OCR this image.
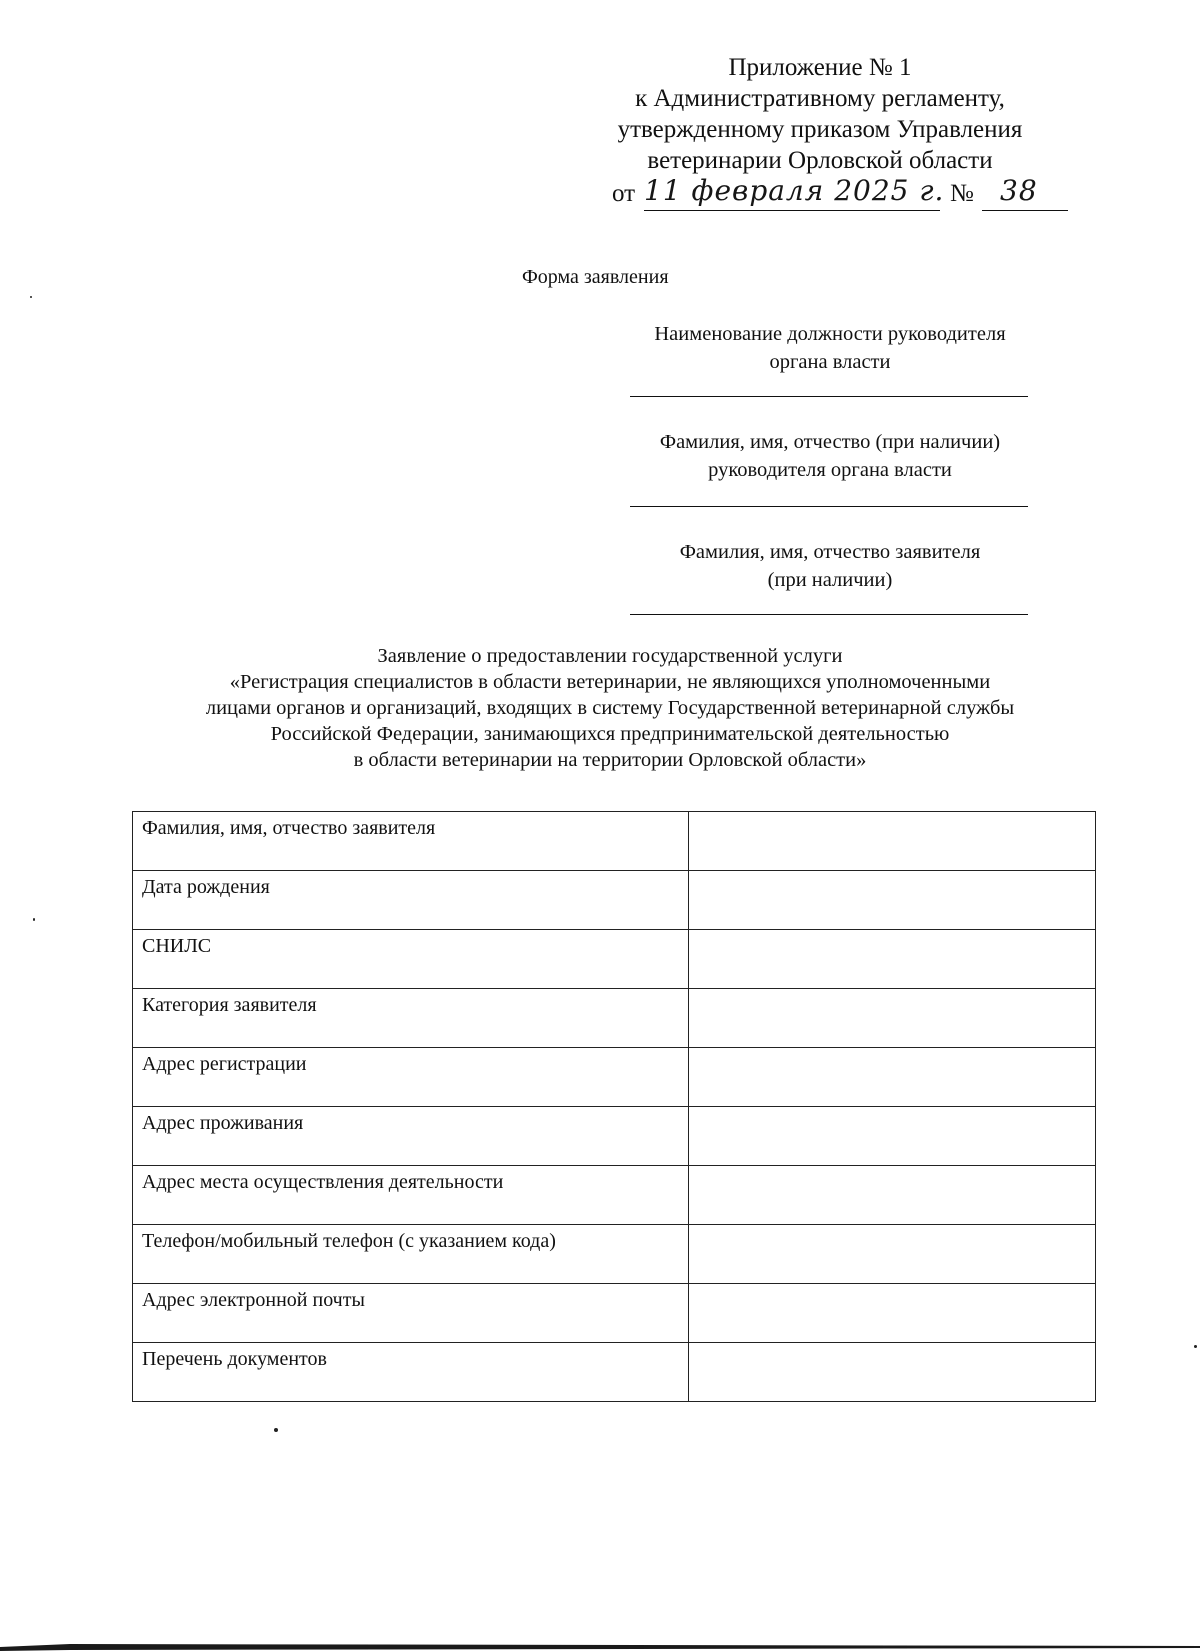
Приложение № 1
к Административному регламенту,
утвержденному приказом Управления
ветеринарии Орловской области
от 11 февраля 2025 г. № 38
Форма заявления
Наименование должности руководителя
органа власти
Фамилия, имя, отчество (при наличии)
руководителя органа власти
Фамилия, имя, отчество заявителя
(при наличии)
Заявление о предоставлении государственной услуги
«Регистрация специалистов в области ветеринарии, не являющихся уполномоченными
лицами органов и организаций, входящих в систему Государственной ветеринарной службы
Российской Федерации, занимающихся предпринимательской деятельностью
в области ветеринарии на территории Орловской области»
Фамилия, имя, отчество заявителя	
Дата рождения	
СНИЛС	
Категория заявителя	
Адрес регистрации	
Адрес проживания	
Адрес места осуществления деятельности	
Телефон/мобильный телефон (с указанием кода)	
Адрес электронной почты	
Перечень документов	
